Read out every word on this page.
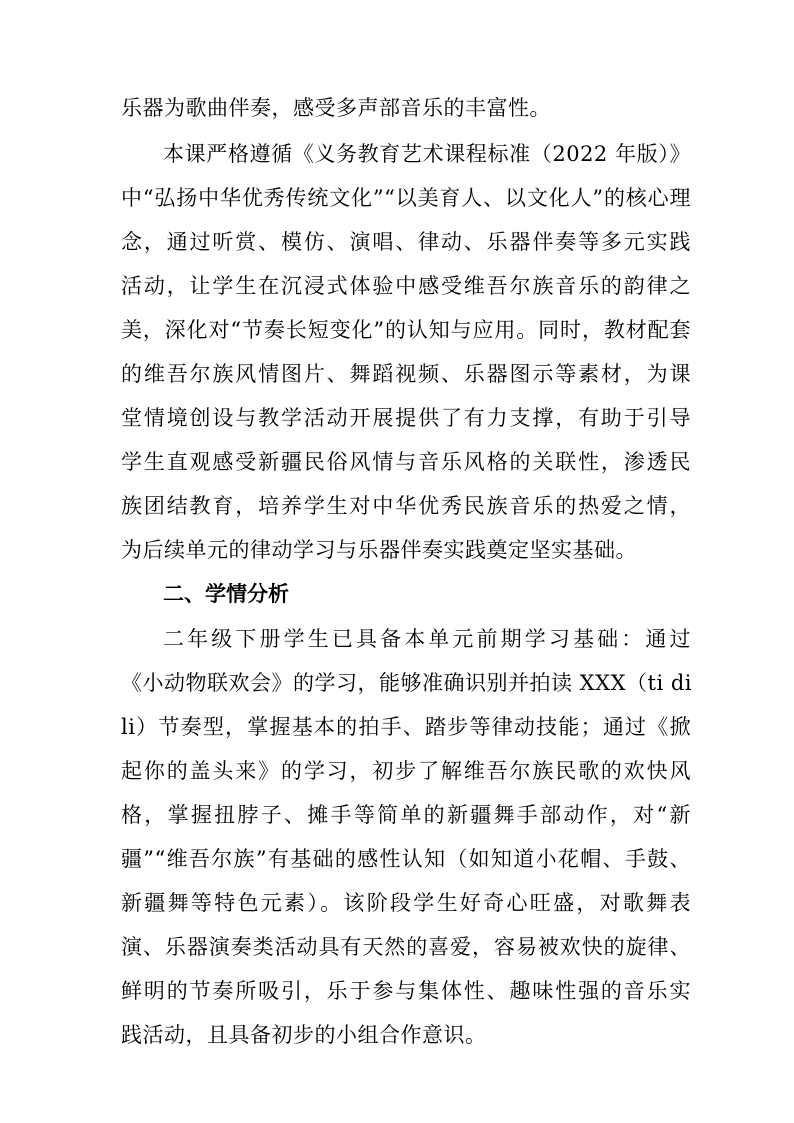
乐器为歌曲伴奏，感受多声部音乐的丰富性。
本课严格遵循《义务教育艺术课程标准（2022 年版）》
中“弘扬中华优秀传统文化”“以美育人、以文化人”的核心理
念，通过听赏、模仿、演唱、律动、乐器伴奏等多元实践
活动，让学生在沉浸式体验中感受维吾尔族音乐的韵律之
美，深化对“节奏长短变化”的认知与应用。同时，教材配套
的维吾尔族风情图片、舞蹈视频、乐器图示等素材，为课
堂情境创设与教学活动开展提供了有力支撑，有助于引导
学生直观感受新疆民俗风情与音乐风格的关联性，渗透民
族团结教育，培养学生对中华优秀民族音乐的热爱之情，
为后续单元的律动学习与乐器伴奏实践奠定坚实基础。
二、学情分析
二年级下册学生已具备本单元前期学习基础：通过
《小动物联欢会》的学习，能够准确识别并拍读 XXX（ti di
li）节奏型，掌握基本的拍手、踏步等律动技能；通过《掀
起你的盖头来》的学习，初步了解维吾尔族民歌的欢快风
格，掌握扭脖子、摊手等简单的新疆舞手部动作，对“新
疆”“维吾尔族”有基础的感性认知（如知道小花帽、手鼓、
新疆舞等特色元素）。该阶段学生好奇心旺盛，对歌舞表
演、乐器演奏类活动具有天然的喜爱，容易被欢快的旋律、
鲜明的节奏所吸引，乐于参与集体性、趣味性强的音乐实
践活动，且具备初步的小组合作意识。
